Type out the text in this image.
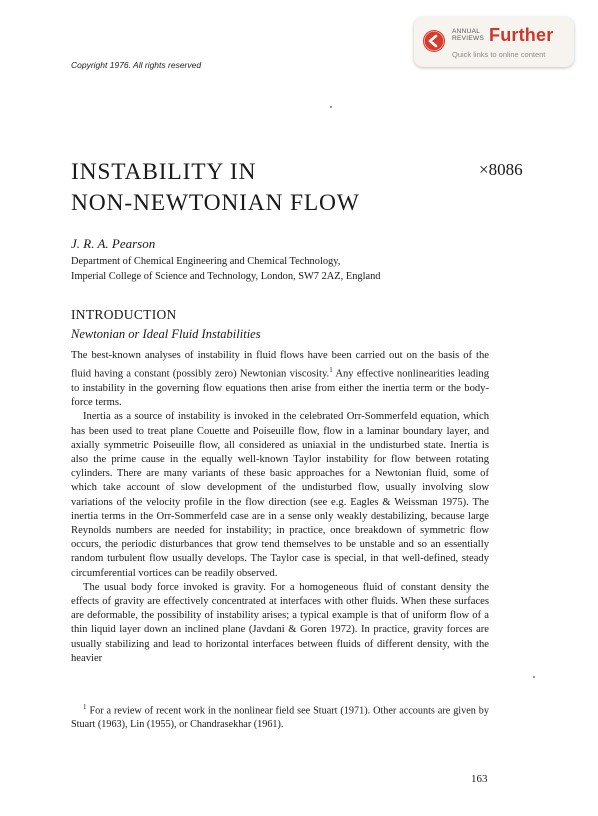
Copyright 1976. All rights reserved
ANNUAL
REVIEWS Further
Quick links to online content
INSTABILITY IN
NON-NEWTONIAN FLOW
×8086
J. R. A. Pearson
Department of Chemical Engineering and Chemical Technology,
Imperial College of Science and Technology, London, SW7 2AZ, England
INTRODUCTION
Newtonian or Ideal Fluid Instabilities

The best-known analyses of instability in fluid flows have been carried out on the basis of the fluid having a constant (possibly zero) Newtonian viscosity.$^1$ Any effective nonlinearities leading to instability in the governing flow equations then arise from either the inertia term or the body-force terms.

Inertia as a source of instability is invoked in the celebrated Orr-Sommerfeld equation, which has been used to treat plane Couette and Poiseuille flow, flow in a laminar boundary layer, and axially symmetric Poiseuille flow, all considered as uniaxial in the undisturbed state. Inertia is also the prime cause in the equally well-known Taylor instability for flow between rotating cylinders. There are many variants of these basic approaches for a Newtonian fluid, some of which take account of slow development of the undisturbed flow, usually involving slow variations of the velocity profile in the flow direction (see e.g. Eagles & Weissman 1975). The inertia terms in the Orr-Sommerfeld case are in a sense only weakly destabilizing, because large Reynolds numbers are needed for instability; in practice, once breakdown of symmetric flow occurs, the periodic disturbances that grow tend themselves to be unstable and so an essentially random turbulent flow usually develops. The Taylor case is special, in that well-defined, steady circumferential vortices can be readily observed.

The usual body force invoked is gravity. For a homogeneous fluid of constant density the effects of gravity are effectively concentrated at interfaces with other fluids. When these surfaces are deformable, the possibility of instability arises; a typical example is that of uniform flow of a thin liquid layer down an inclined plane (Javdani & Goren 1972). In practice, gravity forces are usually stabilizing and lead to horizontal interfaces between fluids of different density, with the heavier

$^1$ For a review of recent work in the nonlinear field see Stuart (1971). Other accounts are given by Stuart (1963), Lin (1955), or Chandrasekhar (1961).
163
